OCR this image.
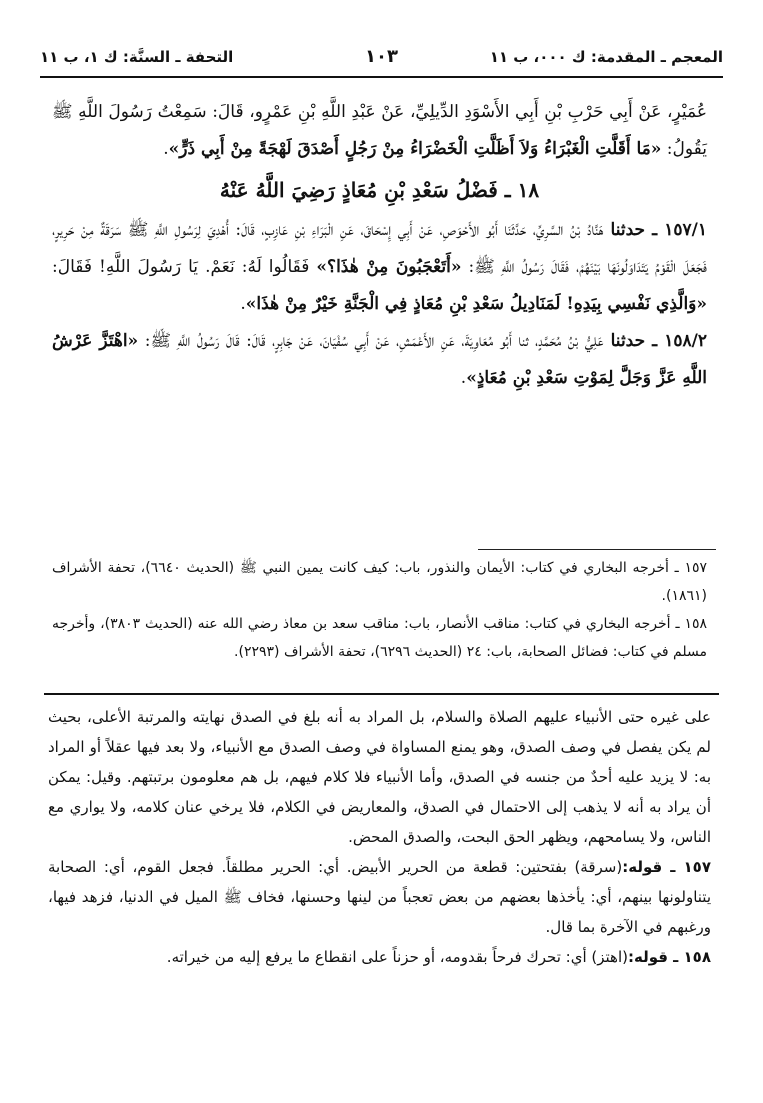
المعجم ـ المقدمة: ك ٠٠٠، ب ١١
١٠٣
التحفة ـ السنَّة: ك ١، ب ١١

عُمَيْرٍ، عَنْ أَبِي حَرْبِ بْنِ أَبِي الأَسْوَدِ الدِّيلِيِّ، عَنْ عَبْدِ اللَّهِ بْنِ عَمْرٍو، قَالَ: سَمِعْتُ رَسُولَ اللَّهِ ﷺ يَقُولُ: «مَا أَقَلَّتِ الْغَبْرَاءُ وَلاَ أَظَلَّتِ الْخَضْرَاءُ مِنْ رَجُلٍ أَصْدَقَ لَهْجَةً مِنْ أَبِي ذَرٍّ».

١٨ ـ فَضْلُ سَعْدِ بْنِ مُعَاذٍ رَضِيَ اللَّهُ عَنْهُ

١٥٧/١ ـ حدثنا هَنَّادُ بْنُ السَّرِيِّ، حَدَّثَنَا أَبُو الأَحْوَصِ، عَنْ أَبِي إِسْحَاقَ، عَنِ الْبَرَاءِ بْنِ عَازِبٍ، قَالَ: أُهْدِيَ لِرَسُولِ اللَّهِ ﷺ سَرَقَةٌ مِنْ حَرِيرٍ، فَجَعَلَ الْقَوْمُ يَتَدَاوَلُونَهَا بَيْنَهُمْ، فَقَالَ رَسُولُ اللَّهِ ﷺ: «أَتَعْجَبُونَ مِنْ هٰذَا؟» فَقَالُوا لَهُ: نَعَمْ. يَا رَسُولَ اللَّهِ! فَقَالَ: «وَالَّذِي نَفْسِي بِيَدِهِ! لَمَنَادِيلُ سَعْدِ بْنِ مُعَاذٍ فِي الْجَنَّةِ خَيْرٌ مِنْ هٰذَا».

١٥٨/٢ ـ حدثنا عَلِيُّ بْنُ مُحَمَّدٍ، ثنا أَبُو مُعَاوِيَةَ، عَنِ الأَعْمَشِ، عَنْ أَبِي سُفْيَانَ، عَنْ جَابِرٍ، قَالَ: قَالَ رَسُولُ اللَّهِ ﷺ: «اهْتَزَّ عَرْشُ اللَّهِ عَزَّ وَجَلَّ لِمَوْتِ سَعْدِ بْنِ مُعَاذٍ».

١٥٧ ـ أخرجه البخاري في كتاب: الأيمان والنذور، باب: كيف كانت يمين النبي ﷺ (الحديث ٦٦٤٠)، تحفة الأشراف (١٨٦١).

١٥٨ ـ أخرجه البخاري في كتاب: مناقب الأنصار، باب: مناقب سعد بن معاذ رضي الله عنه (الحديث ٣٨٠٣)، وأخرجه مسلم في كتاب: فضائل الصحابة، باب: ٢٤ (الحديث ٦٢٩٦)، تحفة الأشراف (٢٢٩٣).

على غيره حتى الأنبياء عليهم الصلاة والسلام، بل المراد به أنه بلغ في الصدق نهايته والمرتبة الأعلى، بحيث لم يكن يفصل في وصف الصدق، وهو يمنع المساواة في وصف الصدق مع الأنبياء، ولا بعد فيها عقلاً أو المراد به: لا يزيد عليه أحدٌ من جنسه في الصدق، وأما الأنبياء فلا كلام فيهم، بل هم معلومون برتبتهم. وقيل: يمكن أن يراد به أنه لا يذهب إلى الاحتمال في الصدق، والمعاريض في الكلام، فلا يرخي عنان كلامه، ولا يواري مع الناس، ولا يسامحهم، ويظهر الحق البحت، والصدق المحض.

١٥٧ ـ قوله:(سرقة) بفتحتين: قطعة من الحرير الأبيض. أي: الحرير مطلقاً. فجعل القوم، أي: الصحابة يتناولونها بينهم، أي: يأخذها بعضهم من بعض تعجباً من لينها وحسنها، فخاف ﷺ الميل في الدنيا، فزهد فيها، ورغبهم في الآخرة بما قال.

١٥٨ ـ قوله:(اهتز) أي: تحرك فرحاً بقدومه، أو حزناً على انقطاع ما يرفع إليه من خيراته.
